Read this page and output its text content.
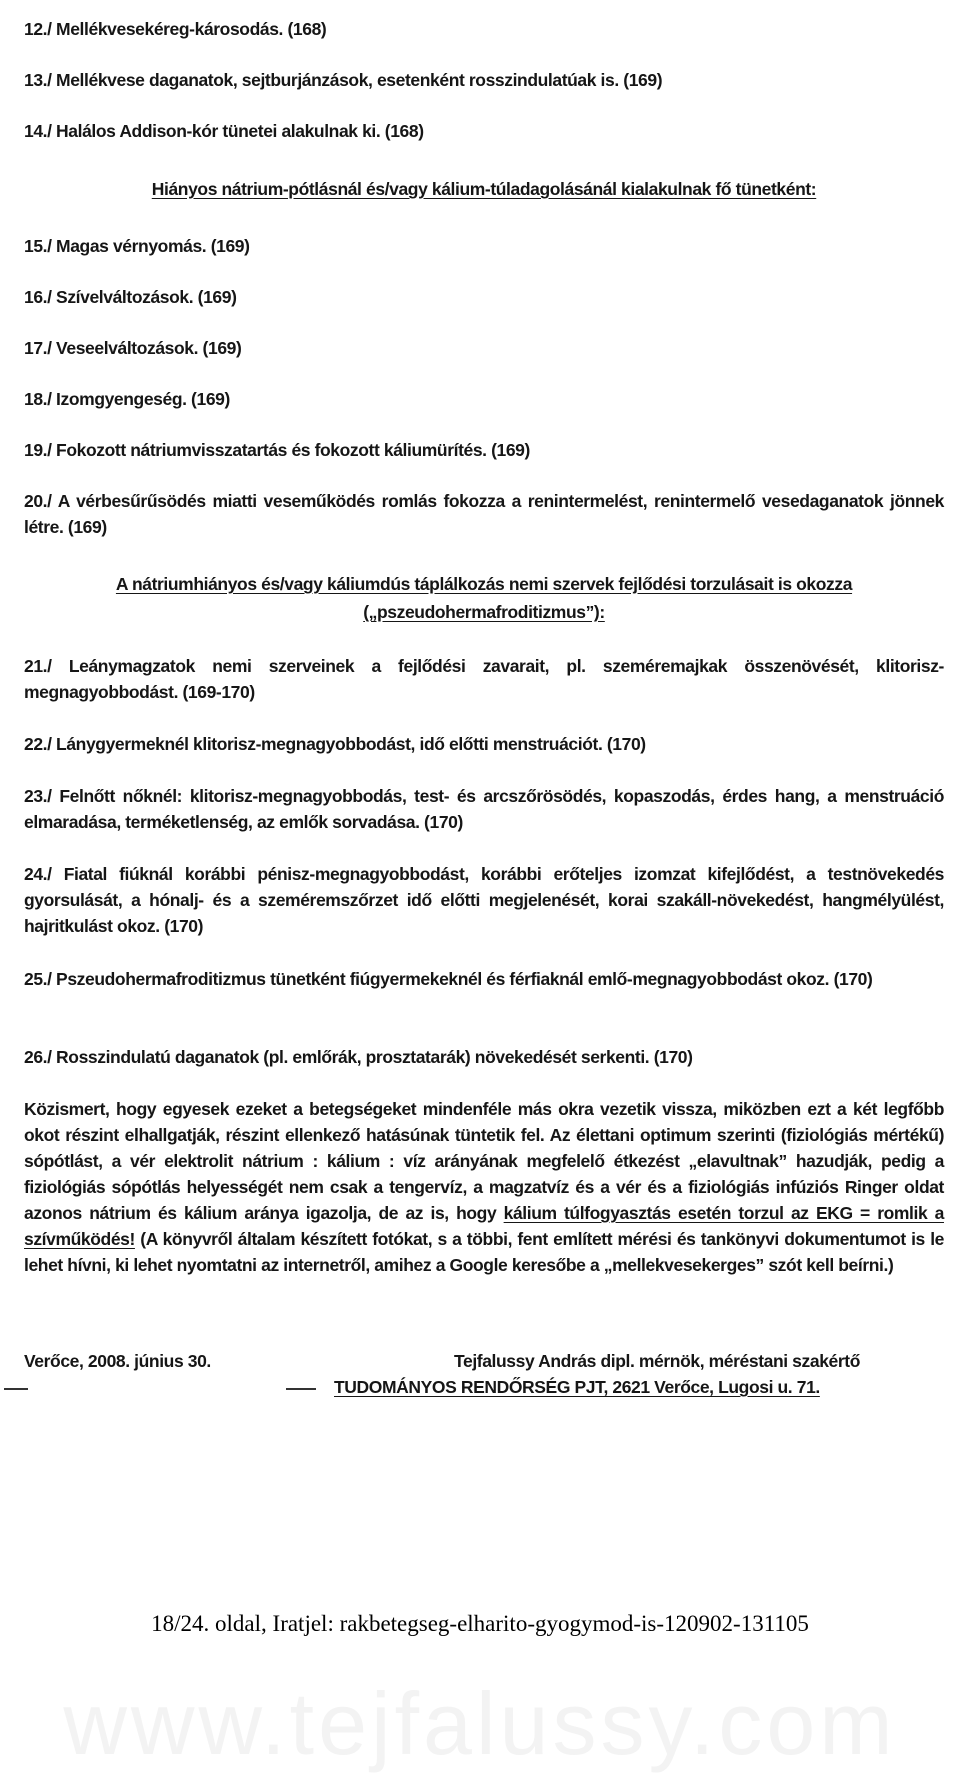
12./ Mellékvesekéreg-károsodás. (168)

13./ Mellékvese daganatok, sejtburjánzások, esetenként rosszindulatúak is. (169)

14./ Halálos Addison-kór tünetei alakulnak ki. (168)

Hiányos nátrium-pótlásnál és/vagy kálium-túladagolásánál kialakulnak fő tünetként:

15./ Magas vérnyomás. (169)

16./ Szívelváltozások. (169)

17./ Veseelváltozások. (169)

18./ Izomgyengeség. (169)

19./ Fokozott nátriumvisszatartás és fokozott káliumürítés. (169)

20./ A vérbesűrűsödés miatti veseműködés romlás fokozza a renintermelést, renintermelő vesedaganatok jönnek létre. (169)

A nátriumhiányos és/vagy káliumdús táplálkozás nemi szervek fejlődési torzulásait is okozza

(„pszeudohermafroditizmus”):

21./ Leánymagzatok nemi szerveinek a fejlődési zavarait, pl. szeméremajkak összenövését, klitorisz-megnagyobbodást. (169-170)

22./ Lánygyermeknél klitorisz-megnagyobbodást, idő előtti menstruációt. (170)

23./ Felnőtt nőknél: klitorisz-megnagyobbodás, test- és arcszőrösödés, kopaszodás, érdes hang, a menstruáció elmaradása, terméketlenség, az emlők sorvadása. (170)

24./ Fiatal fiúknál korábbi pénisz-megnagyobbodást, korábbi erőteljes izomzat kifejlődést, a testnövekedés gyorsulását, a hónalj- és a szeméremszőrzet idő előtti megjelenését, korai szakáll-növekedést, hangmélyülést, hajritkulást okoz. (170)

25./ Pszeudohermafroditizmus tünetként fiúgyermekeknél és férfiaknál emlő-megnagyobbodást okoz. (170)

26./ Rosszindulatú daganatok (pl. emlőrák, prosztatarák) növekedését serkenti. (170)

Közismert, hogy egyesek ezeket a betegségeket mindenféle más okra vezetik vissza, miközben ezt a két legfőbb okot részint elhallgatják, részint ellenkező hatásúnak tüntetik fel. Az élettani optimum szerinti (fiziológiás mértékű) sópótlást, a vér elektrolit nátrium : kálium : víz arányának megfelelő étkezést „elavultnak” hazudják, pedig a fiziológiás sópótlás helyességét nem csak a tengervíz, a magzatvíz és a vér és a fiziológiás infúziós Ringer oldat azonos nátrium és kálium aránya igazolja, de az is, hogy kálium túlfogyasztás esetén torzul az EKG = romlik a szívműködés! (A könyvről általam készített fotókat, s a többi, fent említett mérési és tankönyvi dokumentumot is le lehet hívni, ki lehet nyomtatni az internetről, amihez a Google keresőbe a „mellekvesekerges” szót kell beírni.)

Verőce, 2008. június 30.	Tejfalussy András dipl. mérnök, méréstani szakértő
TUDOMÁNYOS RENDŐRSÉG PJT, 2621 Verőce, Lugosi u. 71.
18/24. oldal, Iratjel: rakbetegseg-elharito-gyogymod-is-120902-131105
www.tejfalussy.com
